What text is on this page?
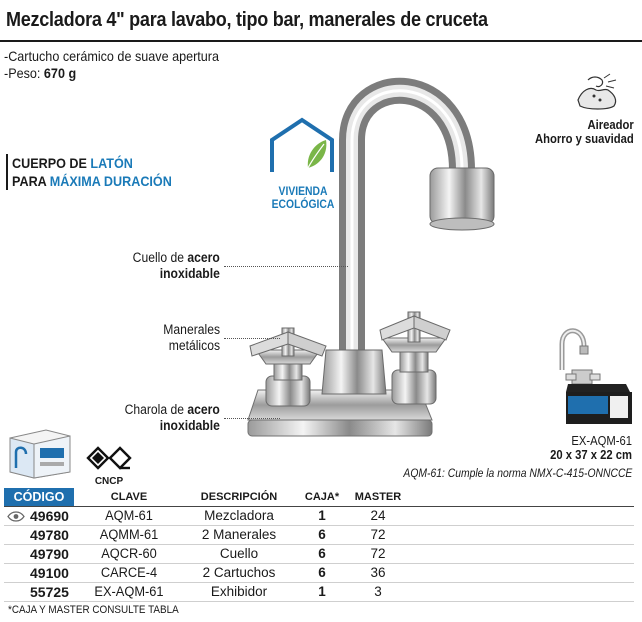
Mezcladora 4" para lavabo, tipo bar, manerales de cruceta
-Cartucho cerámico de suave apertura
-Peso: 670 g
Aireador
Ahorro y suavidad
CUERPO DE LATÓN
PARA MÁXIMA DURACIÓN
VIVIENDA
ECOLÓGICA
Cuello de acero
inoxidable
Manerales
metálicos
Charola de acero
inoxidable
EX-AQM-61
20 x 37 x 22 cm
AQM-61: Cumple la norma NMX-C-415-ONNCCE
CNCP
CÓDIGO	CLAVE	DESCRIPCIÓN	CAJA*	MASTER	

49690	AQM-61	Mezcladora	1	24	
49780	AQMM-61	2 Manerales	6	72	
49790	AQCR-60	Cuello	6	72	
49100	CARCE-4	2 Cartuchos	6	36	
55725	EX-AQM-61	Exhibidor	1	3	
*CAJA Y MASTER CONSULTE TABLA
